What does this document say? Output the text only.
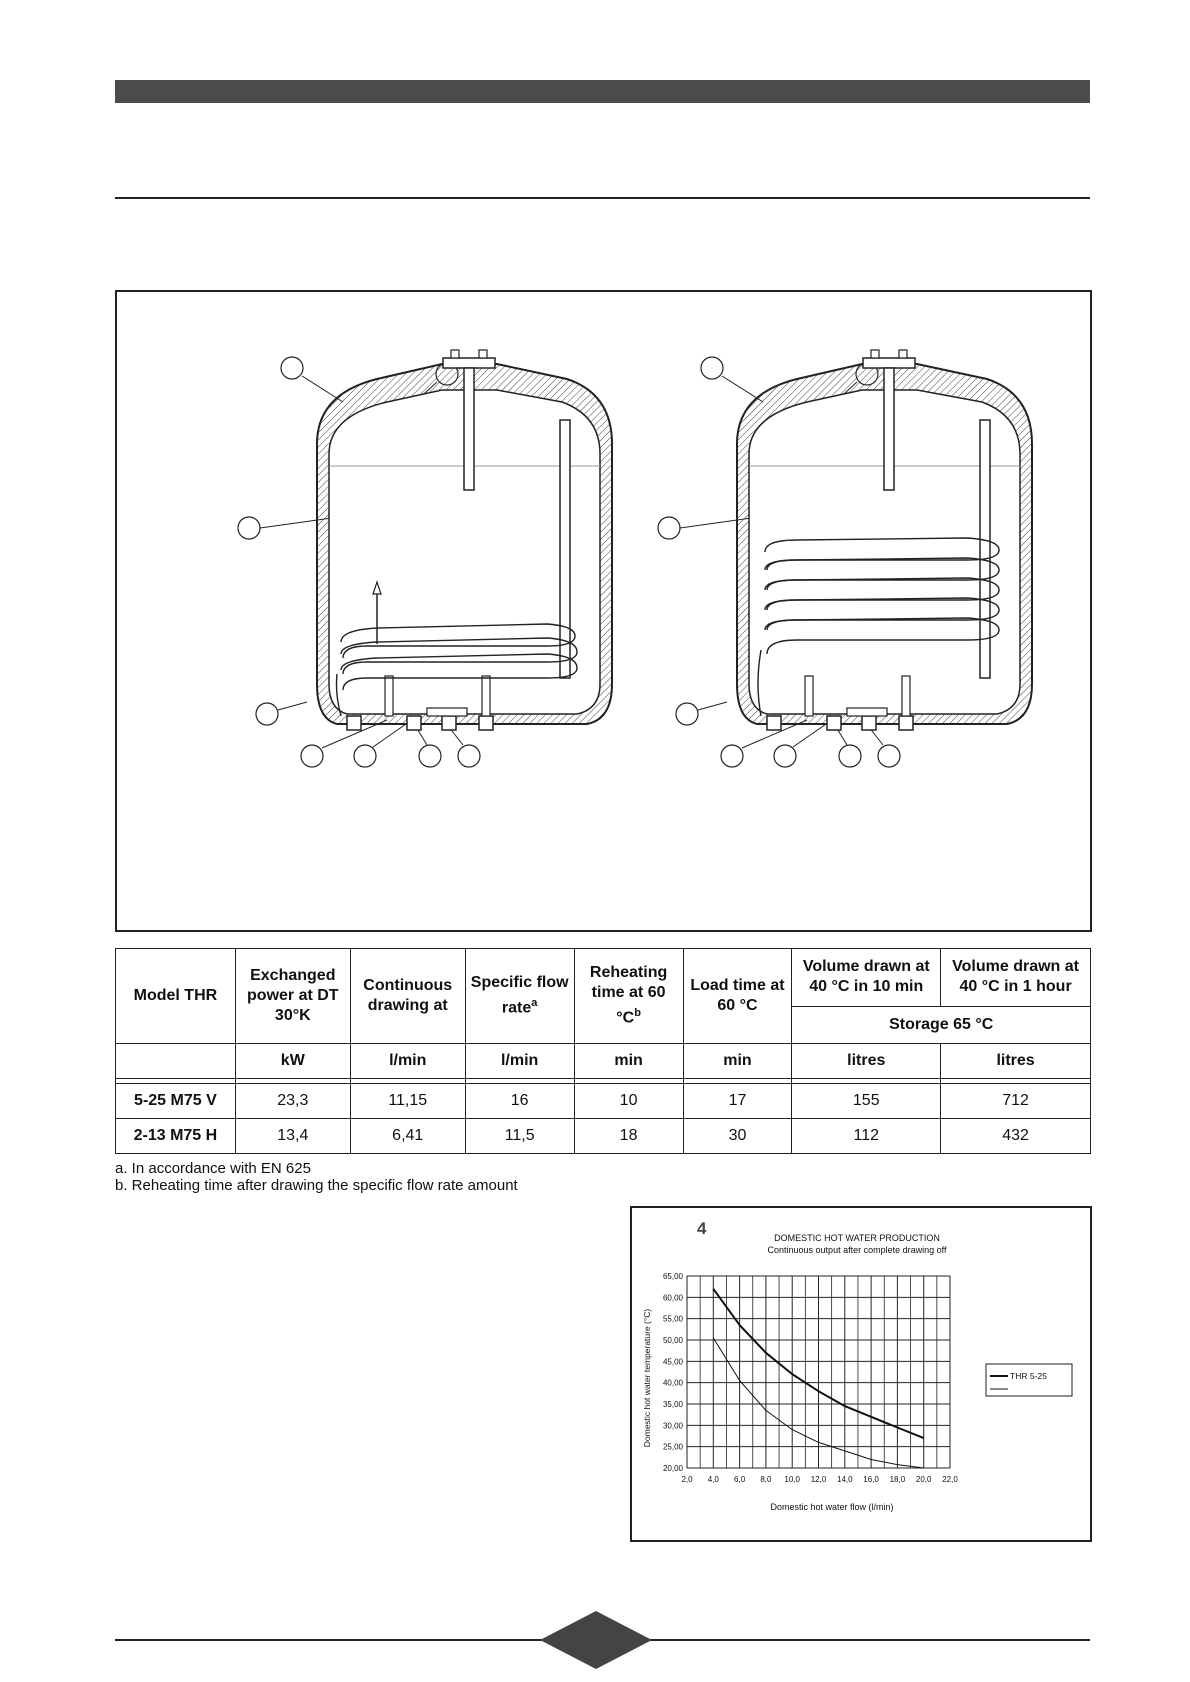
Model THR	Exchanged power at DT 30°K	Continuous drawing at	Specific flow rate$^a$	Reheating time at 60 $^\circ C^b$	Load time at 60 °C	Volume drawn at 40 °C in 10 min	Volume drawn at 40 °C in 1 hour
						Storage 65 °C	
	kW	l/min	l/min	min	min	litres	litres

5-25 M75 V	23,3	11,15	16	10	17	155	712
2-13 M75 H	13,4	6,41	11,5	18	30	112	432
a. In accordance with EN 625
b. Reheating time after drawing the specific flow rate amount
4	DOMESTIC HOT WATER PRODUCTION
Continuous output after complete drawing off
2,0 4,0 6,0 8,0 10,0 12,0 14,0 16,0 18,0 20,0 22,0
20,00
25,00
30,00
35,00
40,00
45,00
50,00
55,00
60,00
65,00
Domestic hot water flow (l/min)
Domestic hot water temperature (°C)	THR 5-25
